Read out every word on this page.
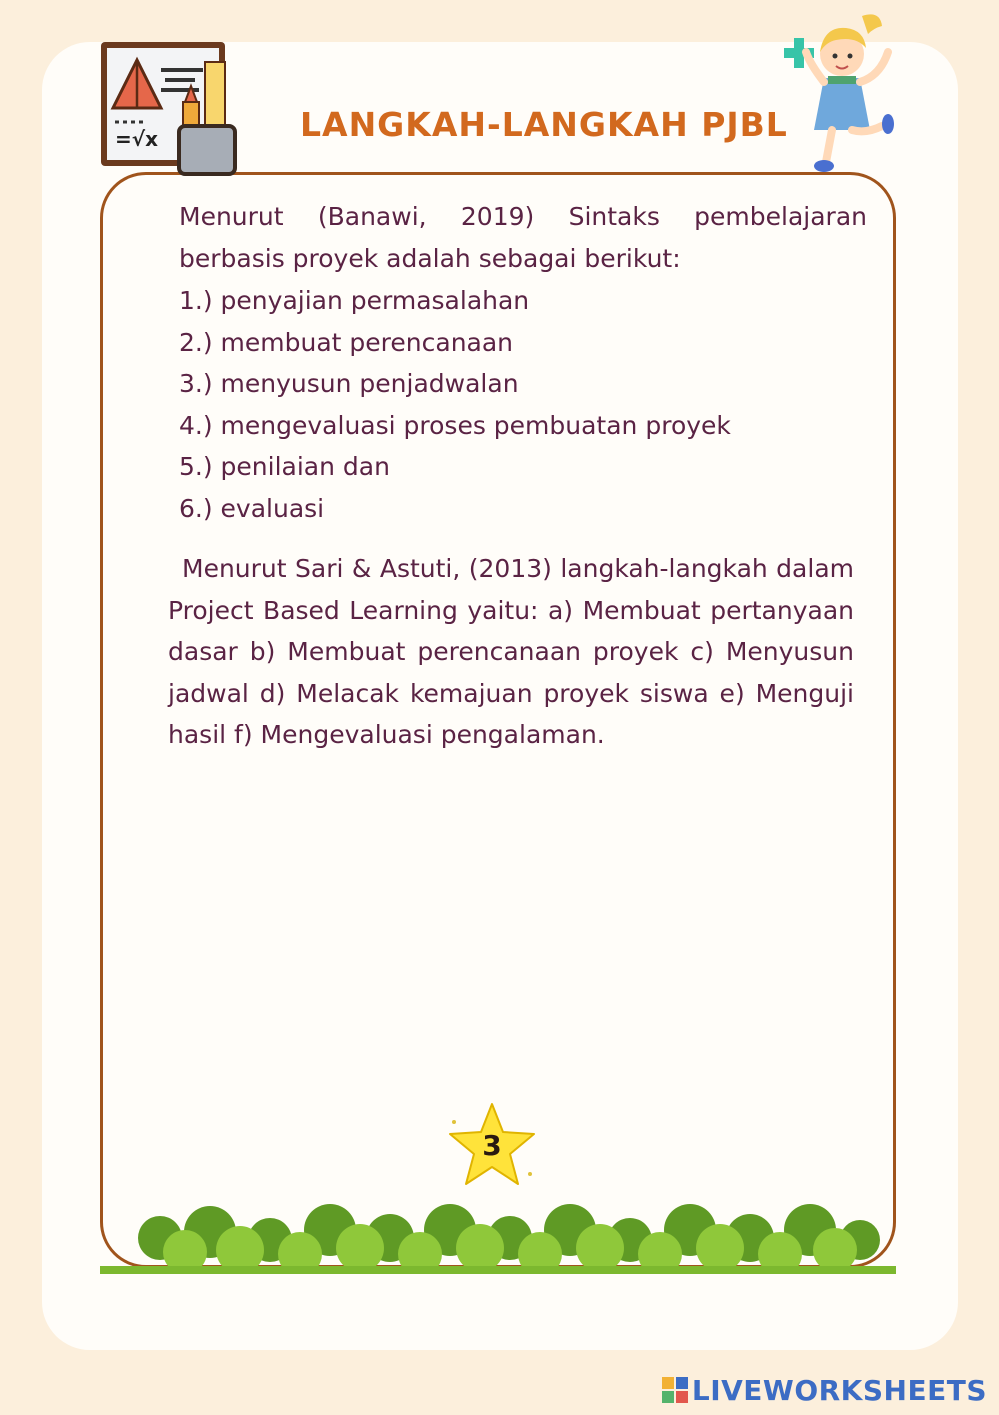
=√x	LANGKAH-LANGKAH PJBL

Menurut (Banawi, 2019) Sintaks pembelajaran berbasis proyek adalah sebagai berikut:

1.) penyajian permasalahan
2.) membuat perencanaan
3.) menyusun penjadwalan
4.) mengevaluasi proses pembuatan proyek
5.) penilaian dan
6.) evaluasi

Menurut Sari & Astuti, (2013) langkah-langkah dalam Project Based Learning yaitu: a) Membuat pertanyaan dasar b) Membuat perencanaan proyek c) Menyusun jadwal d) Melacak kemajuan proyek siswa e) Menguji hasil f) Mengevaluasi pengalaman.

3
LIVEWORKSHEETS
